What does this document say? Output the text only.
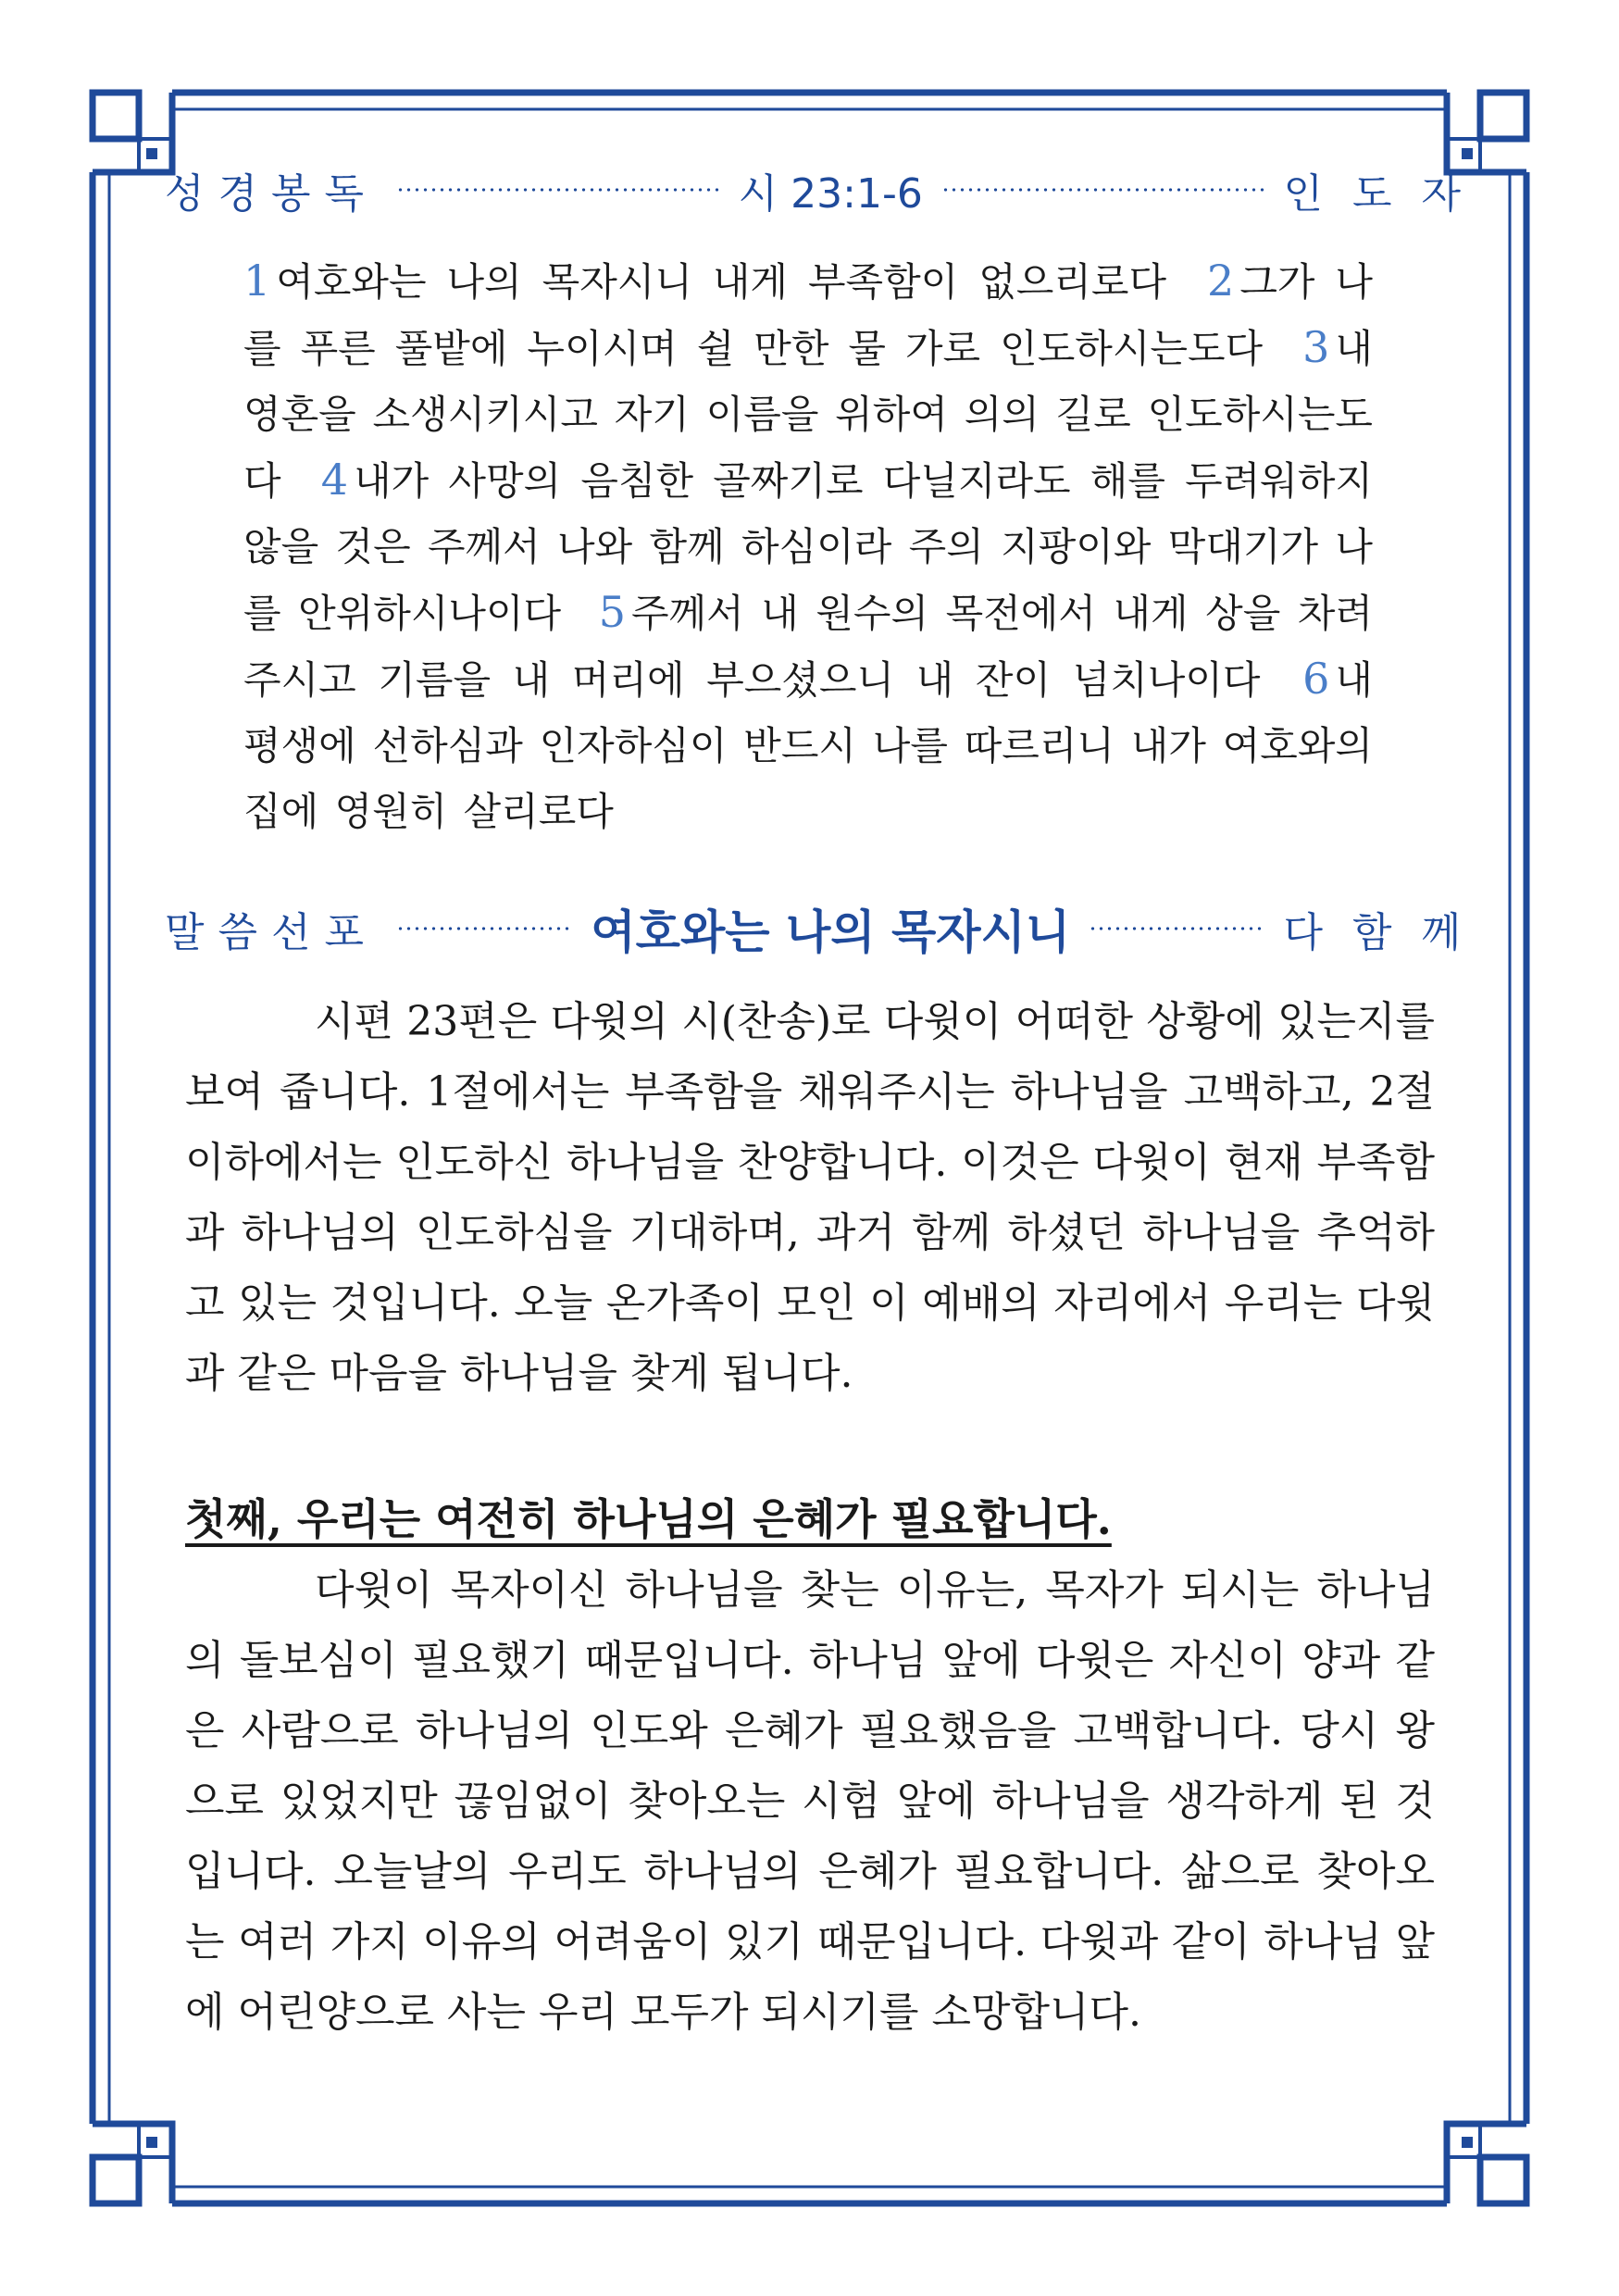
성경봉독	시 23:1-6	인도자
1 여호와는 나의 목자시니 내게 부족함이 없으리로다 2 그가 나를 푸른 풀밭에 누이시며 쉴 만한 물 가로 인도하시는도다 3 내 영혼을 소생시키시고 자기 이름을 위하여 의의 길로 인도하시는도다 4 내가 사망의 음침한 골짜기로 다닐지라도 해를 두려워하지 않을 것은 주께서 나와 함께 하심이라 주의 지팡이와 막대기가 나를 안위하시나이다 5 주께서 내 원수의 목전에서 내게 상을 차려 주시고 기름을 내 머리에 부으셨으니 내 잔이 넘치나이다 6 내 평생에 선하심과 인자하심이 반드시 나를 따르리니 내가 여호와의 집에 영원히 살리로다
말씀선포	여호와는 나의 목자시니	다함께

시편 23편은 다윗의 시(찬송)로 다윗이 어떠한 상황에 있는지를 보여 줍니다. 1절에서는 부족함을 채워주시는 하나님을 고백하고, 2절 이하에서는 인도하신 하나님을 찬양합니다. 이것은 다윗이 현재 부족함과 하나님의 인도하심을 기대하며, 과거 함께 하셨던 하나님을 추억하고 있는 것입니다. 오늘 온가족이 모인 이 예배의 자리에서 우리는 다윗과 같은 마음을 하나님을 찾게 됩니다.

첫째, 우리는 여전히 하나님의 은혜가 필요합니다.

다윗이 목자이신 하나님을 찾는 이유는, 목자가 되시는 하나님의 돌보심이 필요했기 때문입니다. 하나님 앞에 다윗은 자신이 양과 같은 사람으로 하나님의 인도와 은혜가 필요했음을 고백합니다. 당시 왕으로 있었지만 끊임없이 찾아오는 시험 앞에 하나님을 생각하게 된 것입니다. 오늘날의 우리도 하나님의 은혜가 필요합니다. 삶으로 찾아오는 여러 가지 이유의 어려움이 있기 때문입니다. 다윗과 같이 하나님 앞에 어린양으로 사는 우리 모두가 되시기를 소망합니다.
